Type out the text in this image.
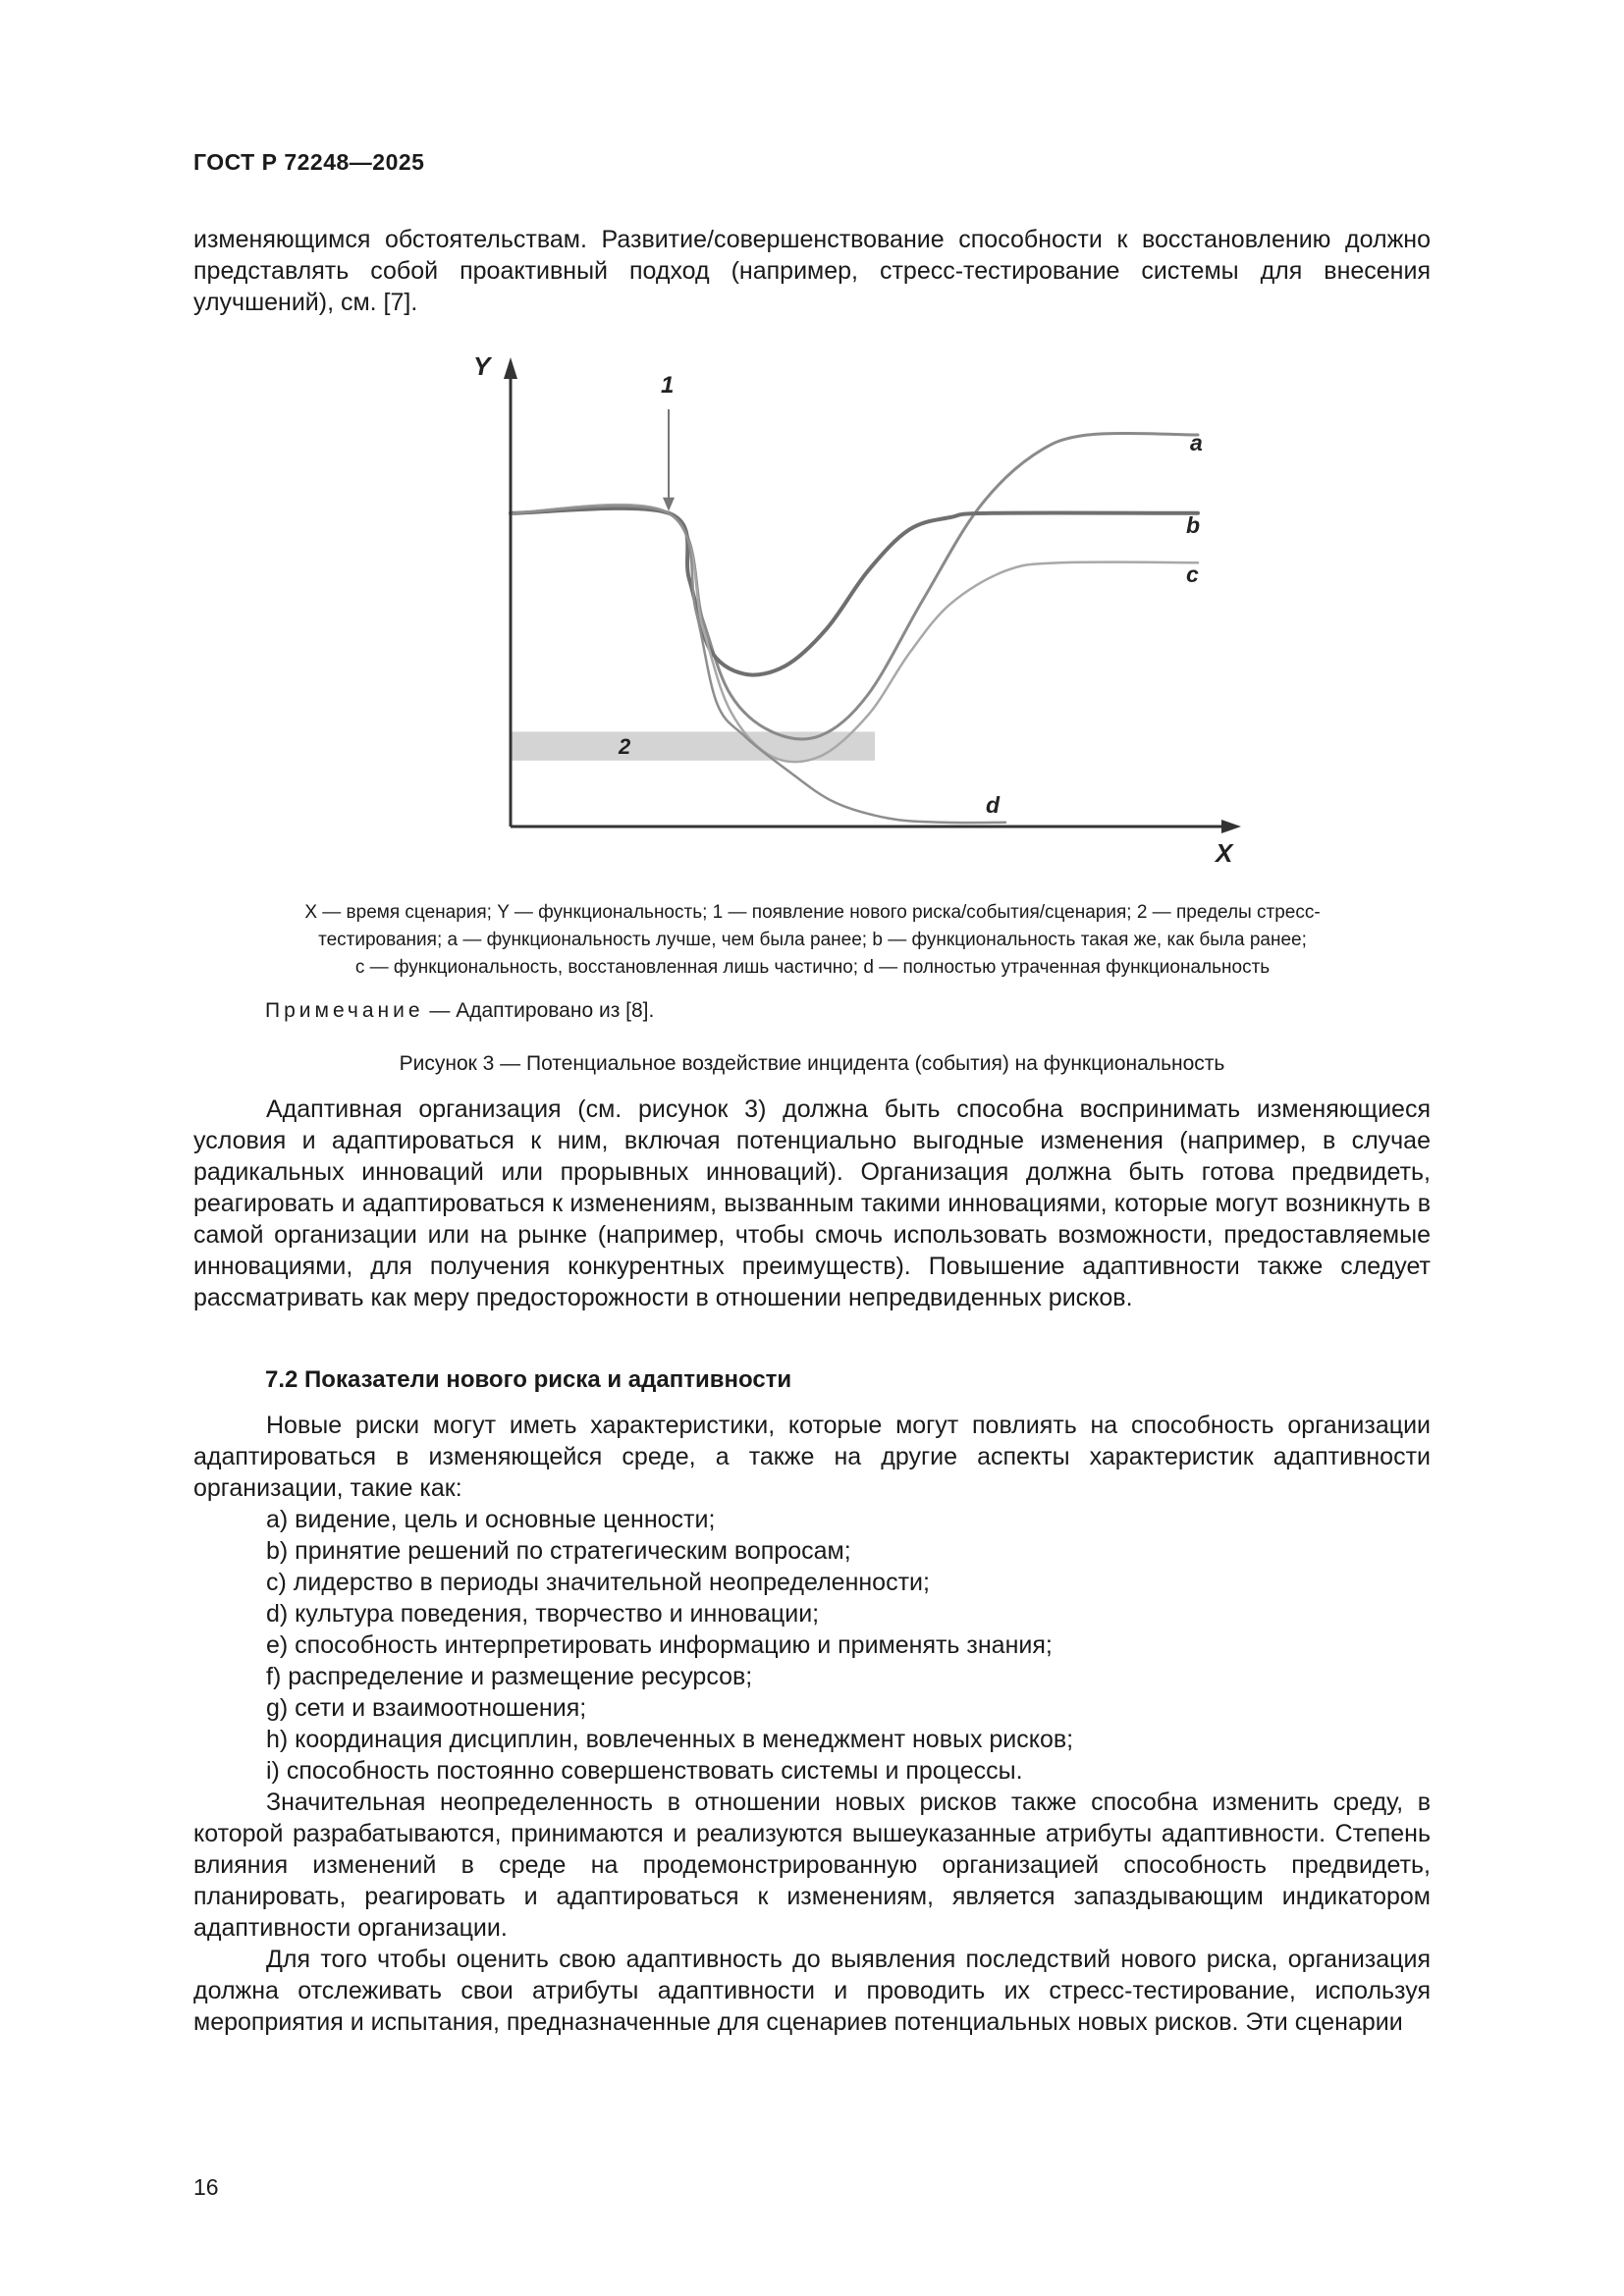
ГОСТ Р 72248—2025

изменяющимся обстоятельствам. Развитие/совершенствование способности к восстановлению должно представлять собой проактивный подход (например, стресс-тестирование системы для внесения улучшений), см. [7].

2
a
b
c
d
1
Y
X
X — время сценария; Y — функциональность; 1 — появление нового риска/события/сценария; 2 — пределы стресс-
тестирования; a — функциональность лучше, чем была ранее; b — функциональность такая же, как была ранее;
c — функциональность, восстановленная лишь частично; d — полностью утраченная функциональность
Примечание — Адаптировано из [8].
Рисунок 3 — Потенциальное воздействие инцидента (события) на функциональность

Адаптивная организация (см. рисунок 3) должна быть способна воспринимать изменяющиеся условия и адаптироваться к ним, включая потенциально выгодные изменения (например, в случае радикальных инноваций или прорывных инноваций). Организация должна быть готова предвидеть, реагировать и адаптироваться к изменениям, вызванным такими инновациями, которые могут возникнуть в самой организации или на рынке (например, чтобы смочь использовать возможности, предоставляемые инновациями, для получения конкурентных преимуществ). Повышение адаптивности также следует рассматривать как меру предосторожности в отношении непредвиденных рисков.

7.2 Показатели нового риска и адаптивности

Новые риски могут иметь характеристики, которые могут повлиять на способность организации адаптироваться в изменяющейся среде, а также на другие аспекты характеристик адаптивности организации, такие как:

a) видение, цель и основные ценности;
b) принятие решений по стратегическим вопросам;
c) лидерство в периоды значительной неопределенности;
d) культура поведения, творчество и инновации;
e) способность интерпретировать информацию и применять знания;
f) распределение и размещение ресурсов;
g) сети и взаимоотношения;
h) координация дисциплин, вовлеченных в менеджмент новых рисков;
i) способность постоянно совершенствовать системы и процессы.

Значительная неопределенность в отношении новых рисков также способна изменить среду, в которой разрабатываются, принимаются и реализуются вышеуказанные атрибуты адаптивности. Степень влияния изменений в среде на продемонстрированную организацией способность предвидеть, планировать, реагировать и адаптироваться к изменениям, является запаздывающим индикатором адаптивности организации.

Для того чтобы оценить свою адаптивность до выявления последствий нового риска, организация должна отслеживать свои атрибуты адаптивности и проводить их стресс-тестирование, используя мероприятия и испытания, предназначенные для сценариев потенциальных новых рисков. Эти сценарии

16
